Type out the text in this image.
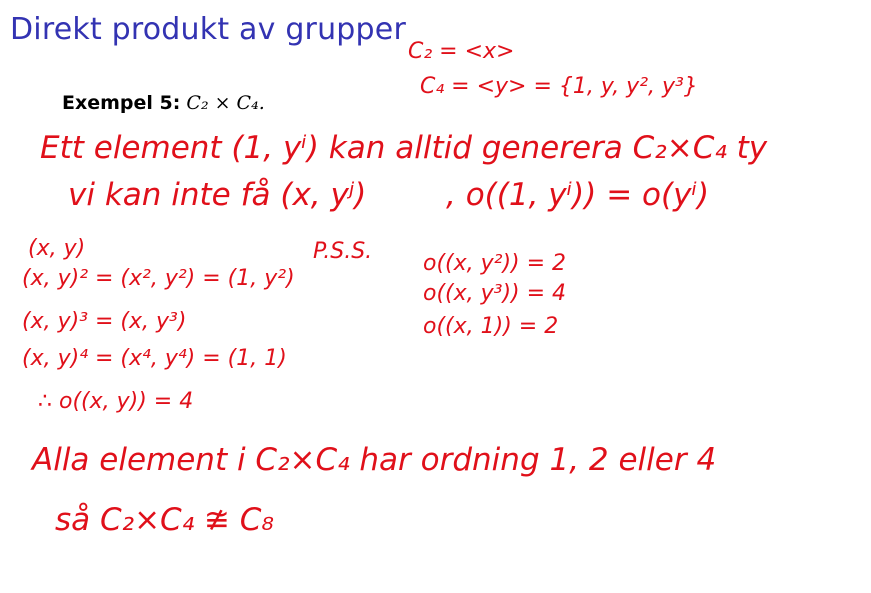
Direkt produkt av grupper
Exempel 5: C₂ × C₄.
C₂ = <x>
C₄ = <y> = {1, y, y², y³}
Ett element (1, yⁱ) kan alltid generera C₂×C₄ ty
vi kan inte få (x, yʲ)	, o((1, yⁱ)) = o(yⁱ)
(x, y)
(x, y)² = (x², y²) = (1, y²)
(x, y)³ = (x, y³)
(x, y)⁴ = (x⁴, y⁴) = (1, 1)
∴ o((x, y)) = 4
P.S.S. o((x, y²)) = 2
o((x, y³)) = 4
o((x, 1)) = 2
Alla element i C₂×C₄ har ordning 1, 2 eller 4
så C₂×C₄ ≇ C₈
